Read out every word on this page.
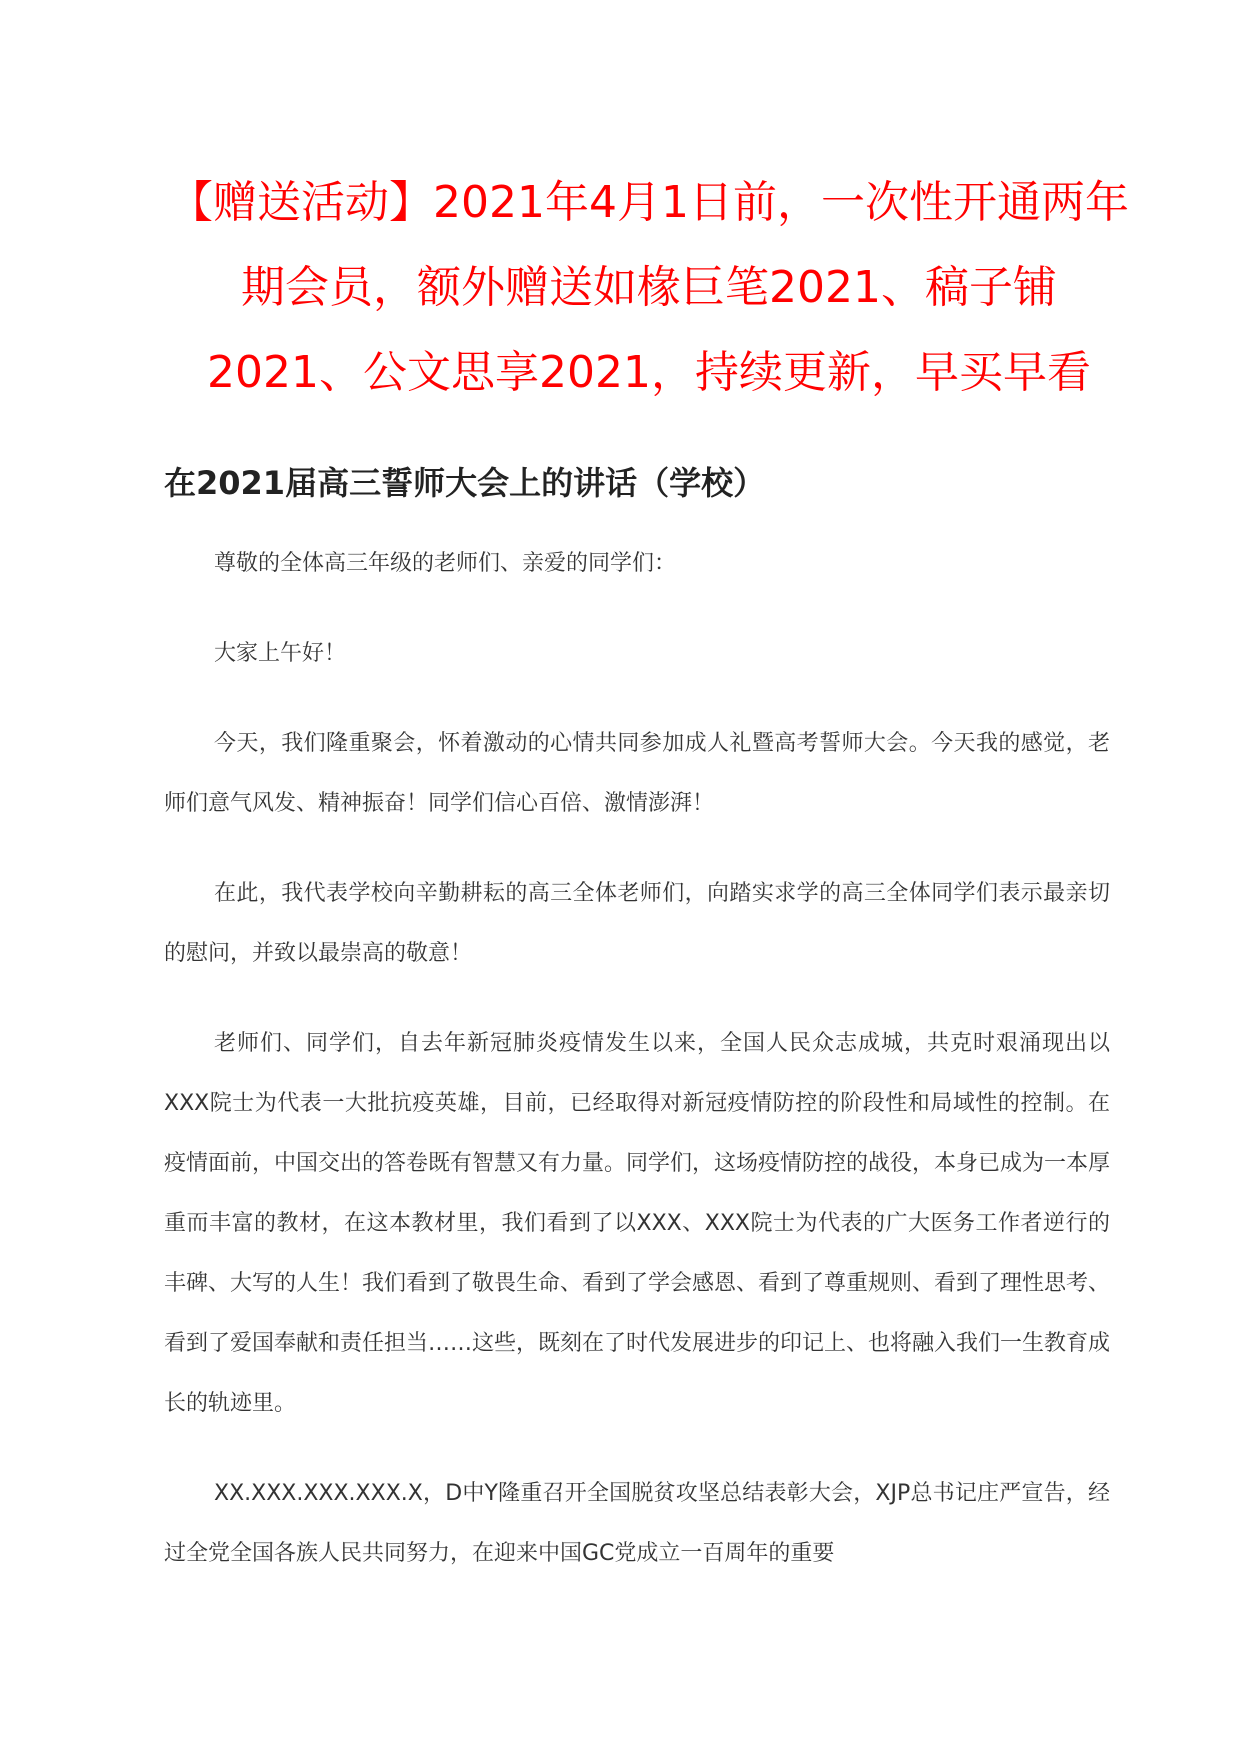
【赠送活动】2021年4月1日前，一次性开通两年期会员，额外赠送如椽巨笔2021、稿子铺2021、公文思享2021，持续更新，早买早看

在2021届高三誓师大会上的讲话（学校）

尊敬的全体高三年级的老师们、亲爱的同学们：

大家上午好！

今天，我们隆重聚会，怀着激动的心情共同参加成人礼暨高考誓师大会。今天我的感觉，老师们意气风发、精神振奋！同学们信心百倍、激情澎湃！

在此，我代表学校向辛勤耕耘的高三全体老师们，向踏实求学的高三全体同学们表示最亲切的慰问，并致以最崇高的敬意！

老师们、同学们，自去年新冠肺炎疫情发生以来，全国人民众志成城，共克时艰涌现出以XXX院士为代表一大批抗疫英雄，目前，已经取得对新冠疫情防控的阶段性和局域性的控制。在疫情面前，中国交出的答卷既有智慧又有力量。同学们，这场疫情防控的战役，本身已成为一本厚重而丰富的教材，在这本教材里，我们看到了以XXX、XXX院士为代表的广大医务工作者逆行的丰碑、大写的人生！我们看到了敬畏生命、看到了学会感恩、看到了尊重规则、看到了理性思考、看到了爱国奉献和责任担当……这些，既刻在了时代发展进步的印记上、也将融入我们一生教育成长的轨迹里。

XX.XXX.XXX.XXX.X，D中Y隆重召开全国脱贫攻坚总结表彰大会，XJP总书记庄严宣告，经过全党全国各族人民共同努力，在迎来中国GC党成立一百周年的重要
